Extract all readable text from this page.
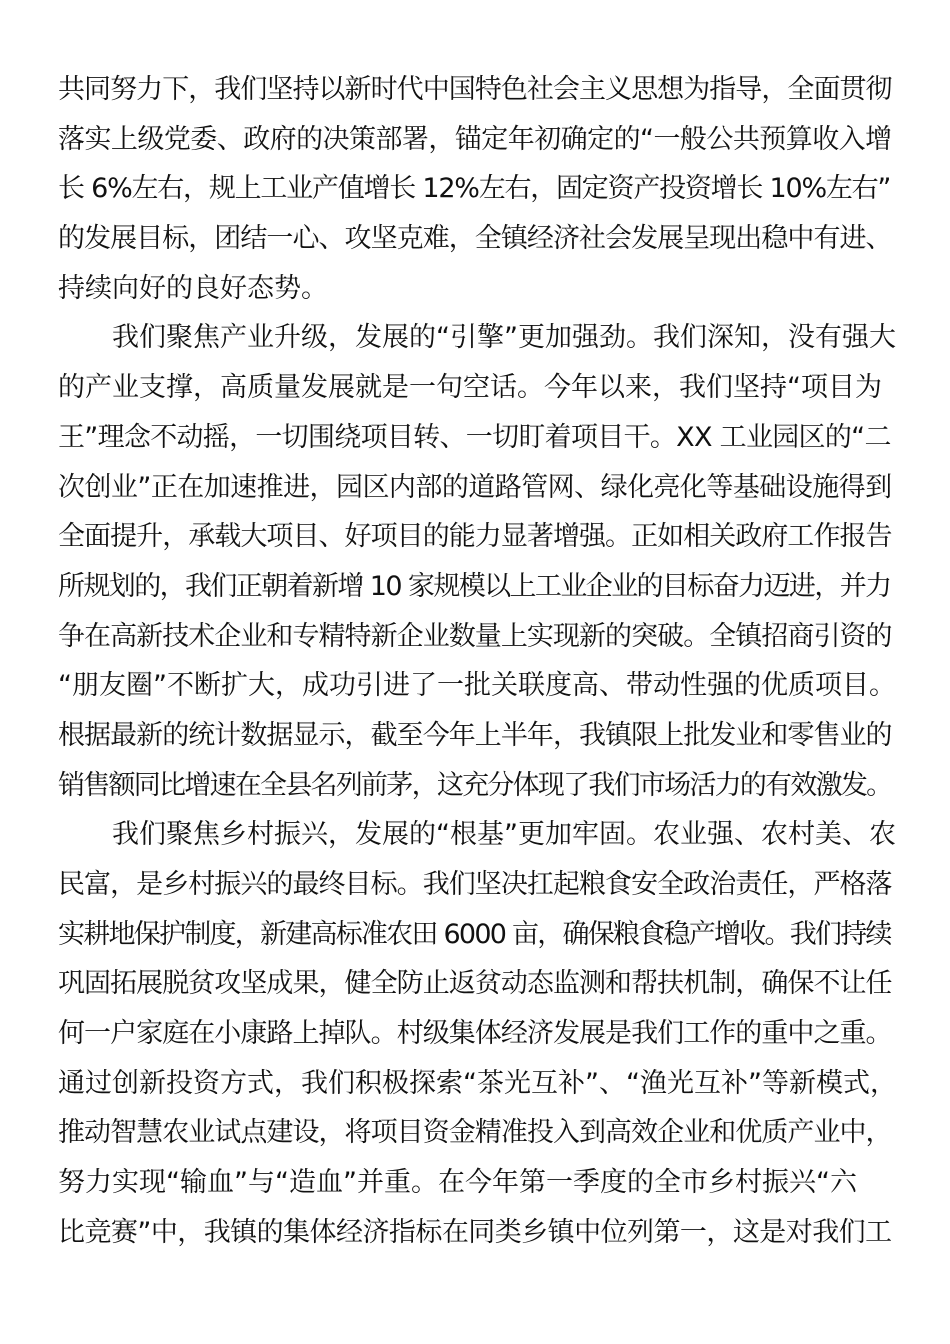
共同努力下，我们坚持以新时代中国特色社会主义思想为指导，全面贯彻
落实上级党委、政府的决策部署，锚定年初确定的“一般公共预算收入增
长 6%左右，规上工业产值增长 12%左右，固定资产投资增长 10%左右”
的发展目标，团结一心、攻坚克难，全镇经济社会发展呈现出稳中有进、
持续向好的良好态势。
我们聚焦产业升级，发展的“引擎”更加强劲。我们深知，没有强大
的产业支撑，高质量发展就是一句空话。今年以来，我们坚持“项目为
王”理念不动摇，一切围绕项目转、一切盯着项目干。XX 工业园区的“二
次创业”正在加速推进，园区内部的道路管网、绿化亮化等基础设施得到
全面提升，承载大项目、好项目的能力显著增强。正如相关政府工作报告
所规划的，我们正朝着新增 10 家规模以上工业企业的目标奋力迈进，并力
争在高新技术企业和专精特新企业数量上实现新的突破。全镇招商引资的
“朋友圈”不断扩大，成功引进了一批关联度高、带动性强的优质项目。
根据最新的统计数据显示，截至今年上半年，我镇限上批发业和零售业的
销售额同比增速在全县名列前茅，这充分体现了我们市场活力的有效激发。
我们聚焦乡村振兴，发展的“根基”更加牢固。农业强、农村美、农
民富，是乡村振兴的最终目标。我们坚决扛起粮食安全政治责任，严格落
实耕地保护制度，新建高标准农田 6000 亩，确保粮食稳产增收。我们持续
巩固拓展脱贫攻坚成果，健全防止返贫动态监测和帮扶机制，确保不让任
何一户家庭在小康路上掉队。村级集体经济发展是我们工作的重中之重。
通过创新投资方式，我们积极探索“茶光互补”、“渔光互补”等新模式，
推动智慧农业试点建设，将项目资金精准投入到高效企业和优质产业中，
努力实现“输血”与“造血”并重。在今年第一季度的全市乡村振兴“六
比竞赛”中，我镇的集体经济指标在同类乡镇中位列第一，这是对我们工
